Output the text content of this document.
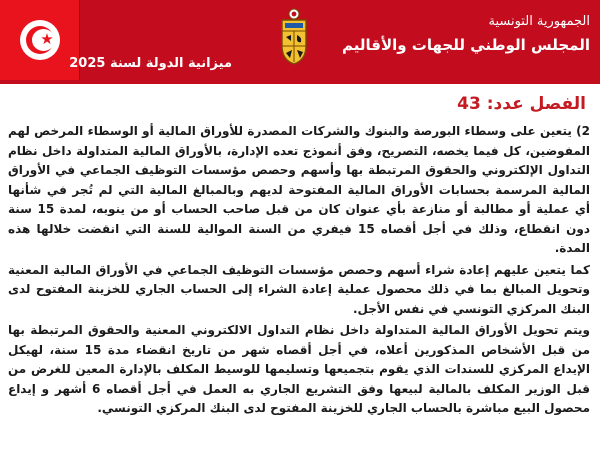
★
الجمهورية التونسية
المجلس الوطني للجهات والأقاليم
ميزانية الدولة لسنة 2025
الفصل عدد: 43

2) يتعين على وسطاء البورصة والبنوك والشركات المصدرة للأوراق المالية أو الوسطاء المرخص لهم المفوضين، كل فيما يخصه، التصريح، وفق أنموذج تعده الإدارة، بالأوراق المالية المتداولة داخل نظام التداول الإلكتروني والحقوق المرتبطة بها وأسهم وحصص مؤسسات التوظيف الجماعي في الأوراق المالية المرسمة بحسابات الأوراق المالية المفتوحة لديهم وبالمبالغ المالية التي لم تُجر في شأنها أي عملية أو مطالبة أو منازعة بأي عنوان كان من قبل صاحب الحساب أو من ينوبه، لمدة 15 سنة دون انقطاع، وذلك في أجل أقصاه 15 فيفري من السنة الموالية للسنة التي انقضت خلالها هذه المدة.

كما يتعين عليهم إعادة شراء أسهم وحصص مؤسسات التوظيف الجماعي في الأوراق المالية المعنية وتحويل المبالغ بما في ذلك محصول عملية إعادة الشراء إلى الحساب الجاري للخزينة المفتوح لدى البنك المركزي التونسي في نفس الأجل.

ويتم تحويل الأوراق المالية المتداولة داخل نظام التداول الالكتروني المعنية والحقوق المرتبطة بها من قبل الأشخاص المذكورين أعلاه، في أجل أقصاه شهر من تاريخ انقضاء مدة 15 سنة، لهيكل الإيداع المركزي للسندات الذي يقوم بتجميعها وتسليمها للوسيط المكلف بالإدارة المعين للغرض من قبل الوزير المكلف بالمالية لبيعها وفق التشريع الجاري به العمل في أجل أقصاه 6 أشهر و إيداع محصول البيع مباشرة بالحساب الجاري للخزينة المفتوح لدى البنك المركزي التونسي.
